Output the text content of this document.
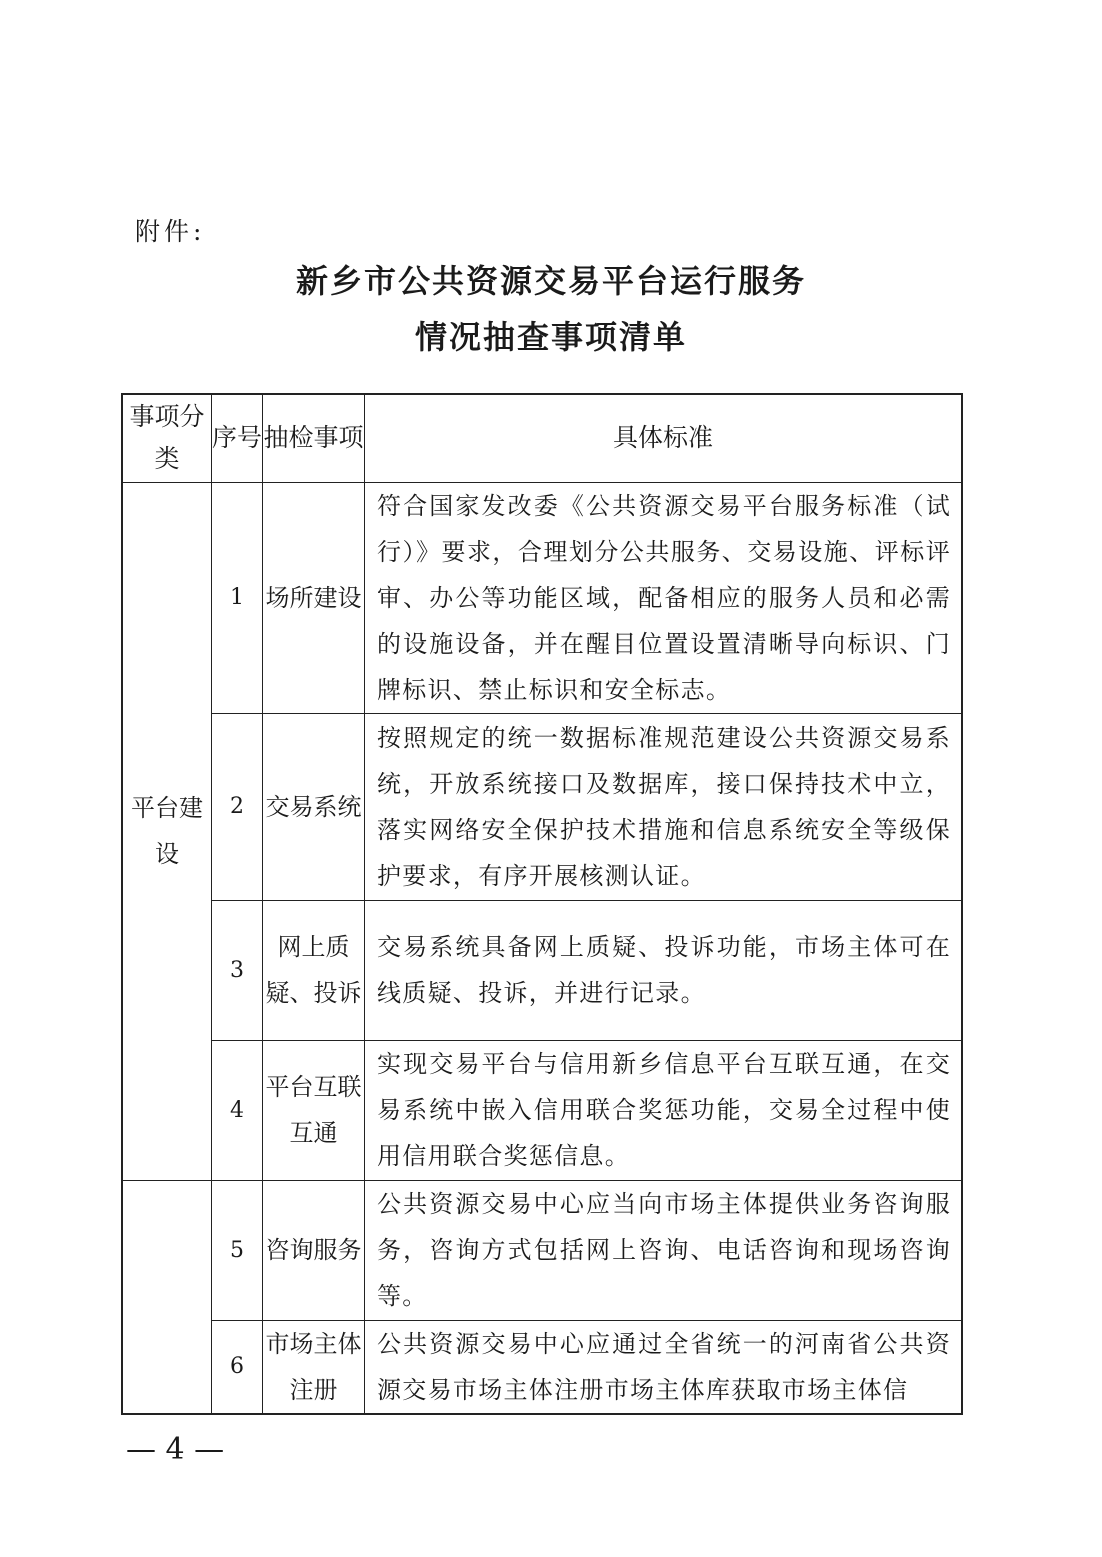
附件:
新乡市公共资源交易平台运行服务
情况抽查事项清单
事项分类	序号	抽检事项	具体标准
平台建设	1	场所建设	符合国家发改委《公共资源交易平台服务标准（试行）》要求，合理划分公共服务、交易设施、评标评审、办公等功能区域，配备相应的服务人员和必需的设施设备，并在醒目位置设置清晰导向标识、门牌标识、禁止标识和安全标志。
	2	交易系统	按照规定的统一数据标准规范建设公共资源交易系统，开放系统接口及数据库，接口保持技术中立，落实网络安全保护技术措施和信息系统安全等级保护要求，有序开展核测认证。
	3	网上质疑、投诉	交易系统具备网上质疑、投诉功能，市场主体可在线质疑、投诉，并进行记录。
	4	平台互联互通	实现交易平台与信用新乡信息平台互联互通，在交易系统中嵌入信用联合奖惩功能，交易全过程中使用信用联合奖惩信息。
	5	咨询服务	公共资源交易中心应当向市场主体提供业务咨询服务，咨询方式包括网上咨询、电话咨询和现场咨询等。
	6	市场主体注册	公共资源交易中心应通过全省统一的河南省公共资源交易市场主体注册市场主体库获取市场主体信
— 4 —
